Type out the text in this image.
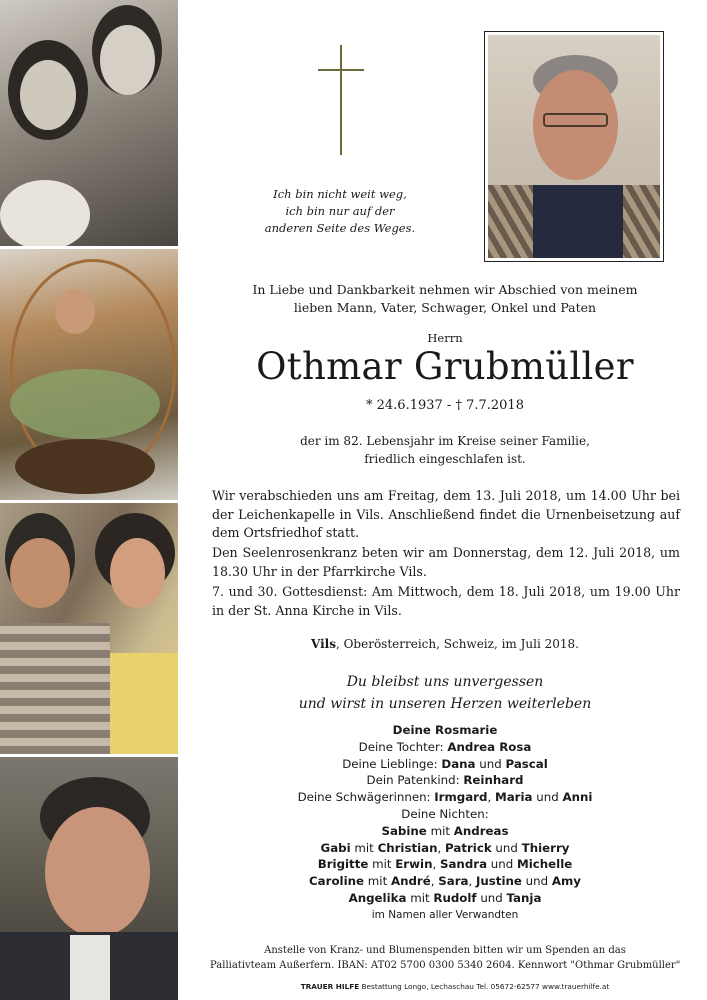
Ich bin nicht weit weg,
ich bin nur auf der
anderen Seite des Weges.
In Liebe und Dankbarkeit nehmen wir Abschied von meinem
lieben Mann, Vater, Schwager, Onkel und Paten
Herrn
Othmar Grubmüller
* 24.6.1937 - † 7.7.2018
der im 82. Lebensjahr im Kreise seiner Familie,
friedlich eingeschlafen ist.
Wir verabschieden uns am Freitag, dem 13. Juli 2018, um 14.00 Uhr bei der Leichenkapelle in Vils. Anschließend findet die Urnenbeisetzung auf dem Ortsfriedhof statt.
Den Seelenrosenkranz beten wir am Donnerstag, dem 12. Juli 2018, um 18.30 Uhr in der Pfarrkirche Vils.
7. und 30. Gottesdienst: Am Mittwoch, dem 18. Juli 2018, um 19.00 Uhr in der St. Anna Kirche in Vils.
Vils, Oberösterreich, Schweiz, im Juli 2018.
Du bleibst uns unvergessen
und wirst in unseren Herzen weiterleben
Deine Rosmarie
Deine Tochter: Andrea Rosa
Deine Lieblinge: Dana und Pascal
Dein Patenkind: Reinhard
Deine Schwägerinnen: Irmgard, Maria und Anni
Deine Nichten:
Sabine mit Andreas
Gabi mit Christian, Patrick und Thierry
Brigitte mit Erwin, Sandra und Michelle
Caroline mit André, Sara, Justine und Amy
Angelika mit Rudolf und Tanja
im Namen aller Verwandten
Anstelle von Kranz- und Blumenspenden bitten wir um Spenden an das
Palliativteam Außerfern. IBAN: AT02 5700 0300 5340 2604. Kennwort "Othmar Grubmüller"
TRAUER HILFE Bestattung Longo, Lechaschau Tel. 05672-62577 www.trauerhilfe.at
